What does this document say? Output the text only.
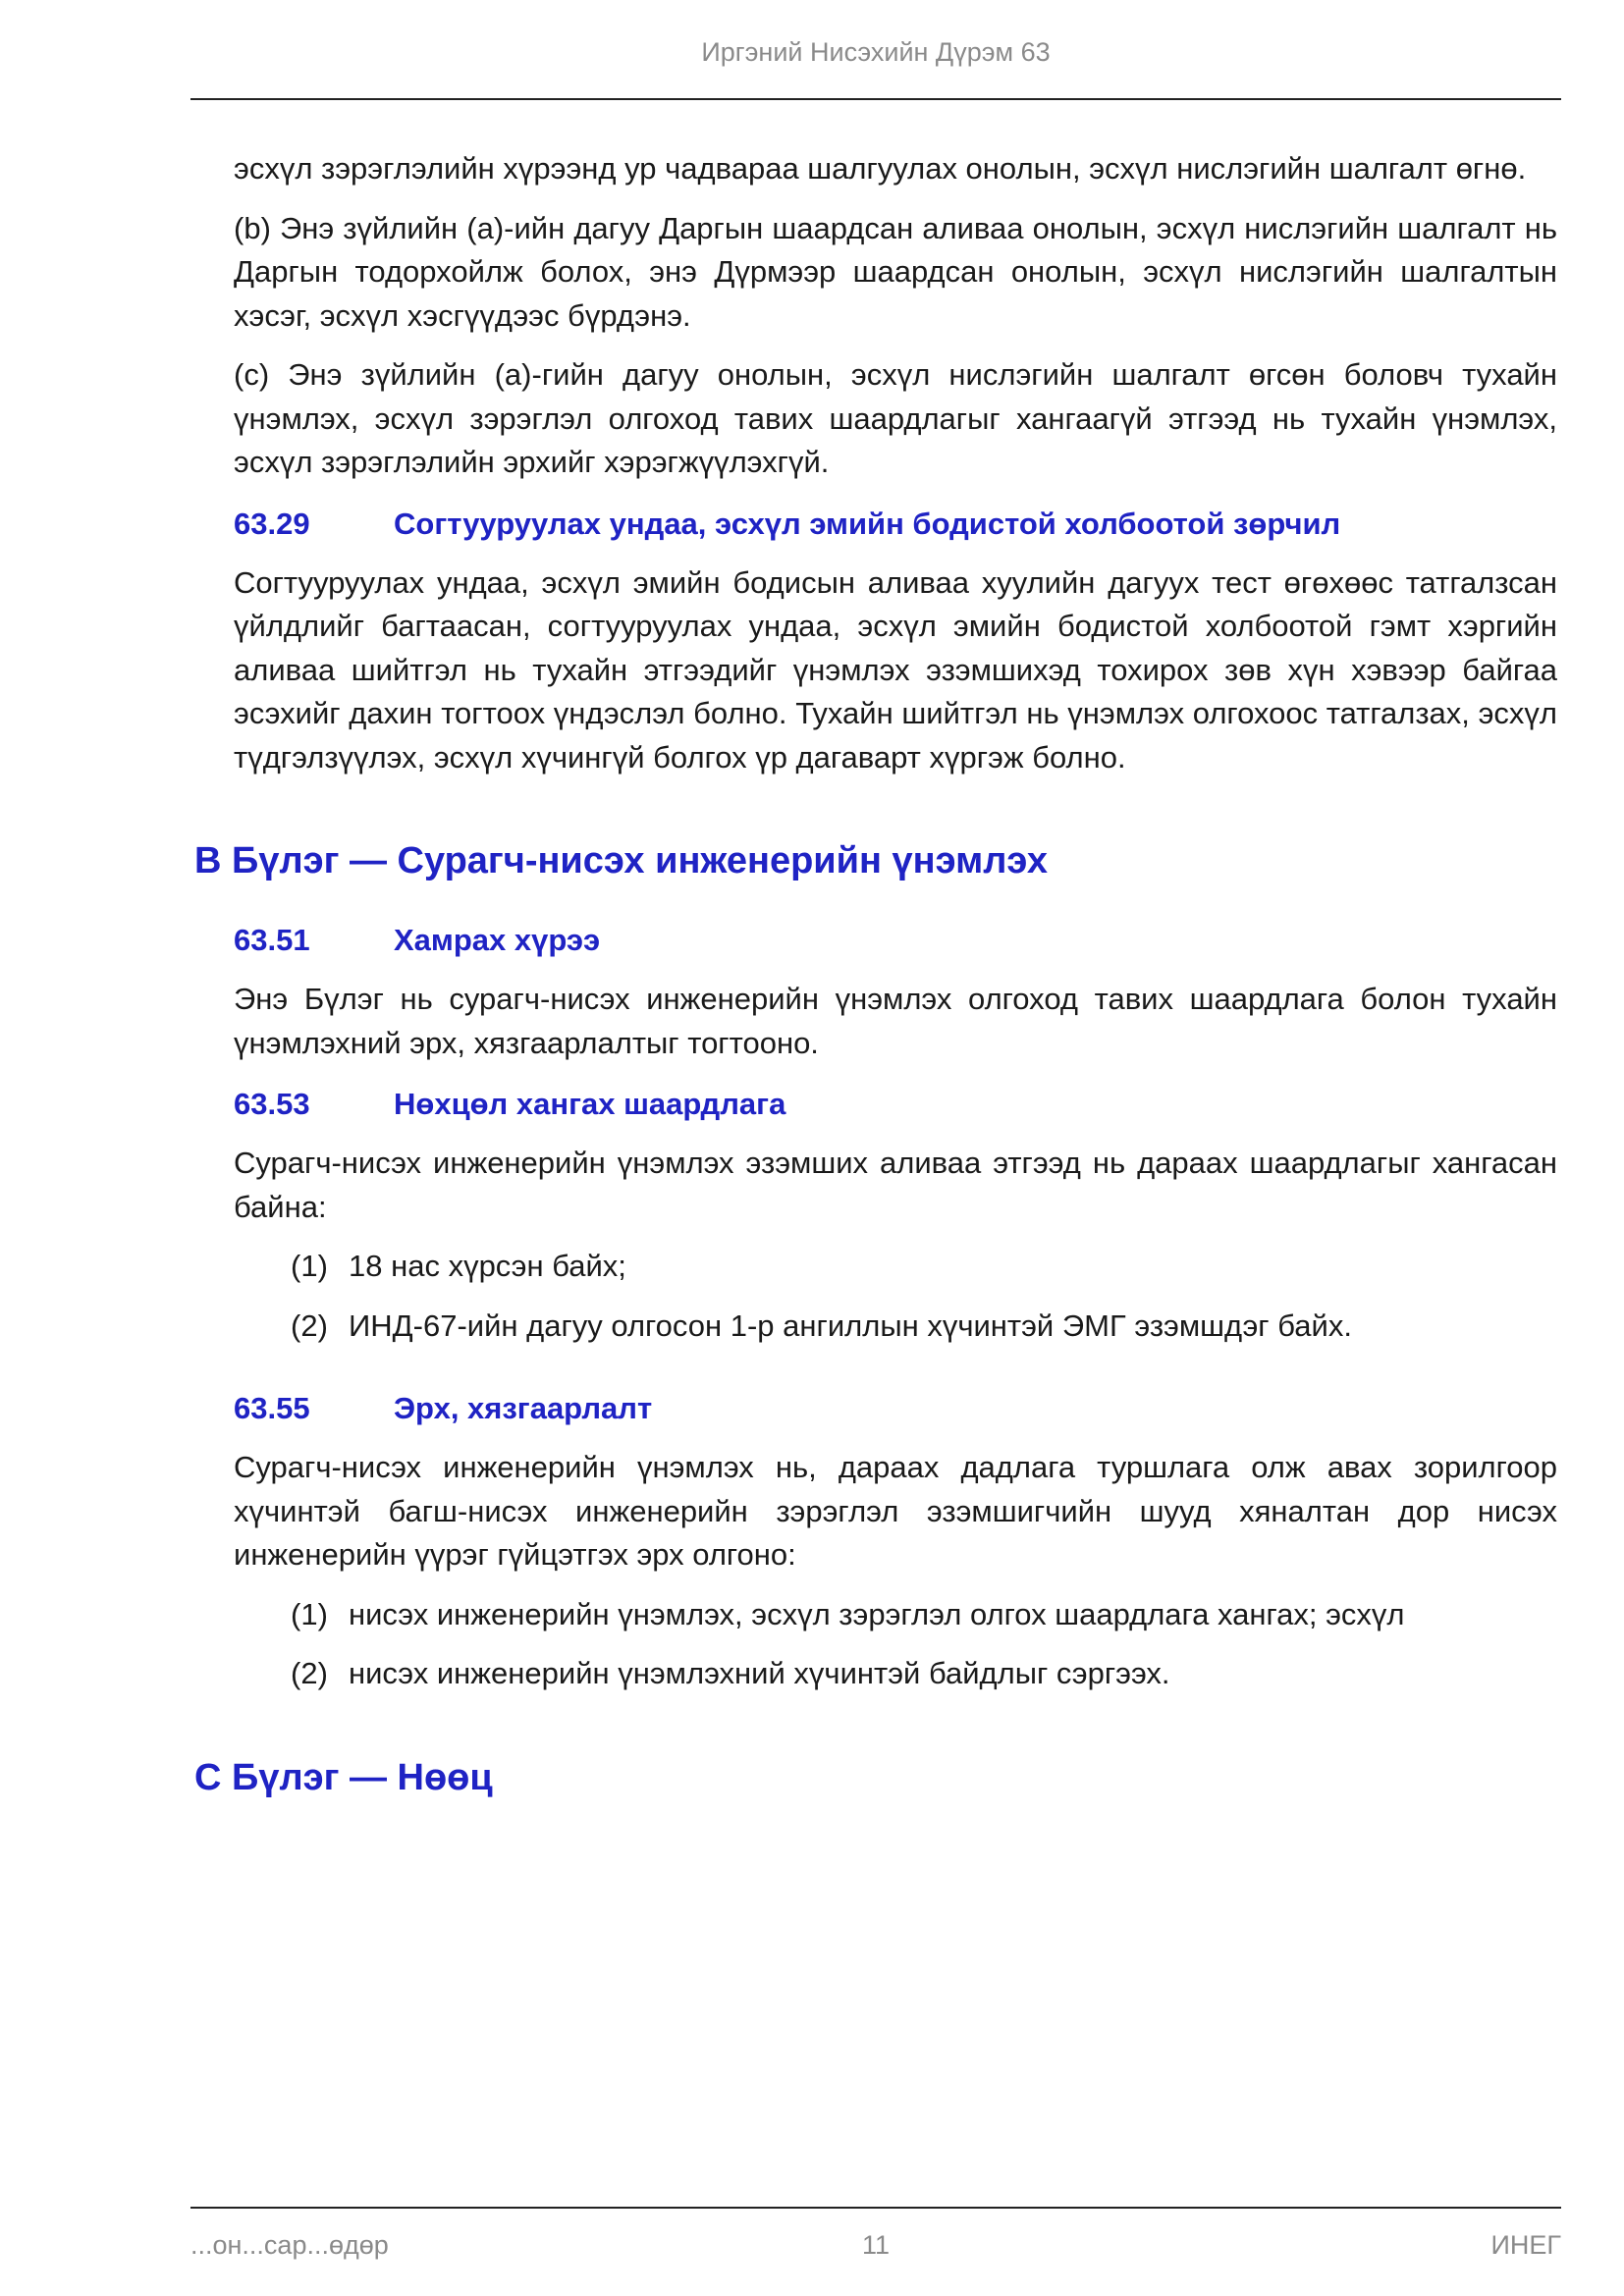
Иргэний Нисэхийн Дүрэм 63

эсхүл зэрэглэлийн хүрээнд ур чадвараа шалгуулах онолын, эсхүл нислэгийн шалгалт өгнө.

(b) Энэ зүйлийн (a)-ийн дагуу Даргын шаардсан аливаа онолын, эсхүл нислэгийн шалгалт нь Даргын тодорхойлж болох, энэ Дүрмээр шаардсан онолын, эсхүл нислэгийн шалгалтын хэсэг, эсхүл хэсгүүдээс бүрдэнэ.

(c) Энэ зүйлийн (a)-гийн дагуу онолын, эсхүл нислэгийн шалгалт өгсөн боловч тухайн үнэмлэх, эсхүл зэрэглэл олгоход тавих шаардлагыг хангаагүй этгээд нь тухайн үнэмлэх, эсхүл зэрэглэлийн эрхийг хэрэгжүүлэхгүй.

63.29	Согтууруулах ундаа, эсхүл эмийн бодистой холбоотой зөрчил

Согтууруулах ундаа, эсхүл эмийн бодисын аливаа хуулийн дагуух тест өгөхөөс татгалзсан үйлдлийг багтаасан, согтууруулах ундаа, эсхүл эмийн бодистой холбоотой гэмт хэргийн аливаа шийтгэл нь тухайн этгээдийг үнэмлэх эзэмшихэд тохирох зөв хүн хэвээр байгаа эсэхийг дахин тогтоох үндэслэл болно. Тухайн шийтгэл нь үнэмлэх олгохоос татгалзах, эсхүл түдгэлзүүлэх, эсхүл хүчингүй болгох үр дагаварт хүргэж болно.

B Бүлэг — Сурагч-нисэх инженерийн үнэмлэх
63.51	Хамрах хүрээ

Энэ Бүлэг нь сурагч-нисэх инженерийн үнэмлэх олгоход тавих шаардлага болон тухайн үнэмлэхний эрх, хязгаарлалтыг тогтооно.

63.53	Нөхцөл хангах шаардлага

Сурагч-нисэх инженерийн үнэмлэх эзэмших аливаа этгээд нь дараах шаардлагыг хангасан байна:

(1) 18 нас хүрсэн байх;
(2) ИНД-67-ийн дагуу олгосон 1-р ангиллын хүчинтэй ЭМГ эзэмшдэг байх.
63.55	Эрх, хязгаарлалт

Сурагч-нисэх инженерийн үнэмлэх нь, дараах дадлага туршлага олж авах зорилгоор хүчинтэй багш-нисэх инженерийн зэрэглэл эзэмшигчийн шууд хяналтан дор нисэх инженерийн үүрэг гүйцэтгэх эрх олгоно:

(1) нисэх инженерийн үнэмлэх, эсхүл зэрэглэл олгох шаардлага хангах; эсхүл
(2) нисэх инженерийн үнэмлэхний хүчинтэй байдлыг сэргээх.
C Бүлэг — Нөөц
...он...сар...өдөр	11	ИНЕГ
